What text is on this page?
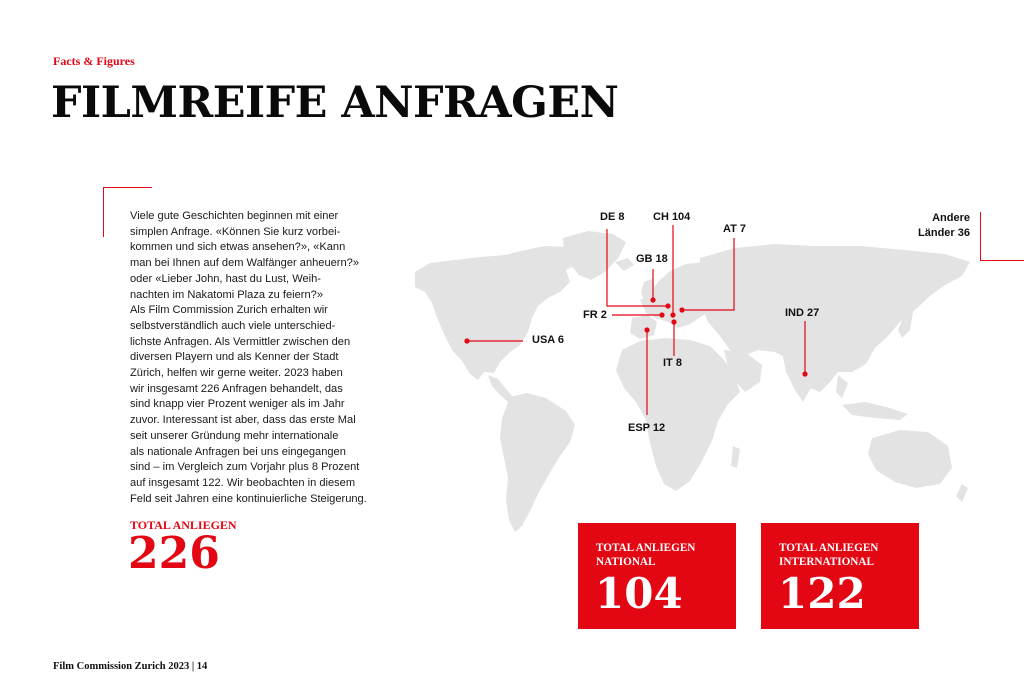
Facts & Figures
FILMREIFE ANFRAGEN
Viele gute Geschichten beginnen mit einer
simplen Anfrage. «Können Sie kurz vorbei-
kommen und sich etwas ansehen?», «Kann
man bei Ihnen auf dem Walfänger anheuern?»
oder «Lieber John, hast du Lust, Weih-
nachten im Nakatomi Plaza zu feiern?»
Als Film Commission Zurich erhalten wir
selbstverständlich auch viele unterschied-
lichste Anfragen. Als Vermittler zwischen den
diversen Playern und als Kenner der Stadt
Zürich, helfen wir gerne weiter. 2023 haben
wir insgesamt 226 Anfragen behandelt, das
sind knapp vier Prozent weniger als im Jahr
zuvor. Interessant ist aber, dass das erste Mal
seit unserer Gründung mehr internationale
als nationale Anfragen bei uns eingegangen
sind – im Vergleich zum Vorjahr plus 8 Prozent
auf insgesamt 122. Wir beobachten in diesem
Feld seit Jahren eine kontinuierliche Steigerung.
TOTAL ANLIEGEN
226
DE 8	CH 104
AT 7
GB 18
FR 2
IT 8
ESP 12
USA 6
IND 27
Andere
Länder 36
TOTAL ANLIEGEN NATIONAL
104
TOTAL ANLIEGEN INTERNATIONAL
122
Film Commission Zurich 2023 | 14
